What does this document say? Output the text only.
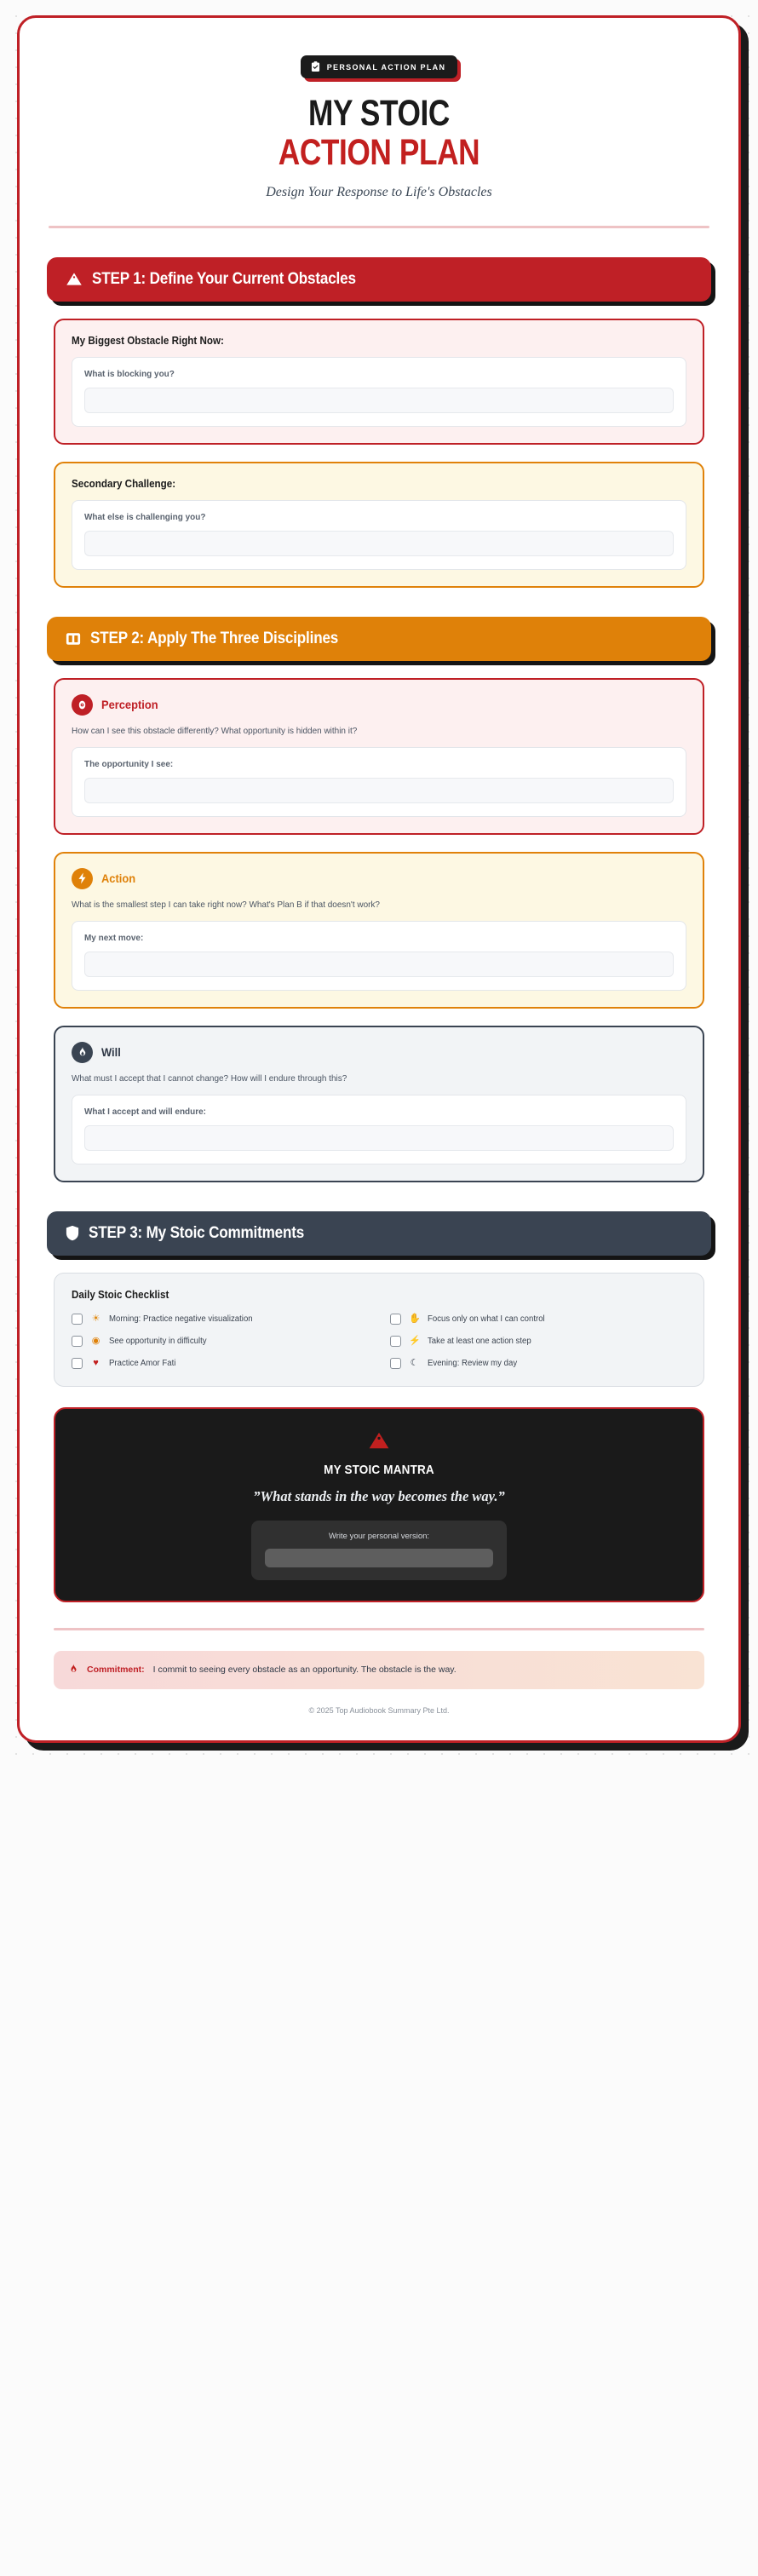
PERSONAL ACTION PLAN
MY STOIC
ACTION PLAN
Design Your Response to Life's Obstacles
STEP 1: Define Your Current Obstacles
My Biggest Obstacle Right Now:
What is blocking you?
Secondary Challenge:
What else is challenging you?
STEP 2: Apply The Three Disciplines
Perception
How can I see this obstacle differently? What opportunity is hidden within it?
The opportunity I see:
Action
What is the smallest step I can take right now? What's Plan B if that doesn't work?
My next move:
Will
What must I accept that I cannot change? How will I endure through this?
What I accept and will endure:
STEP 3: My Stoic Commitments
Daily Stoic Checklist
☀ Morning: Practice negative visualization	✋ Focus only on what I can control
◉ See opportunity in difficulty	⚡ Take at least one action step
♥	Practice Amor Fati	☾ Evening: Review my day
MY STOIC MANTRA
”What stands in the way becomes the way.”
Write your personal version:
Commitment: I commit to seeing every obstacle as an opportunity. The obstacle is the way.
© 2025 Top Audiobook Summary Pte Ltd.
